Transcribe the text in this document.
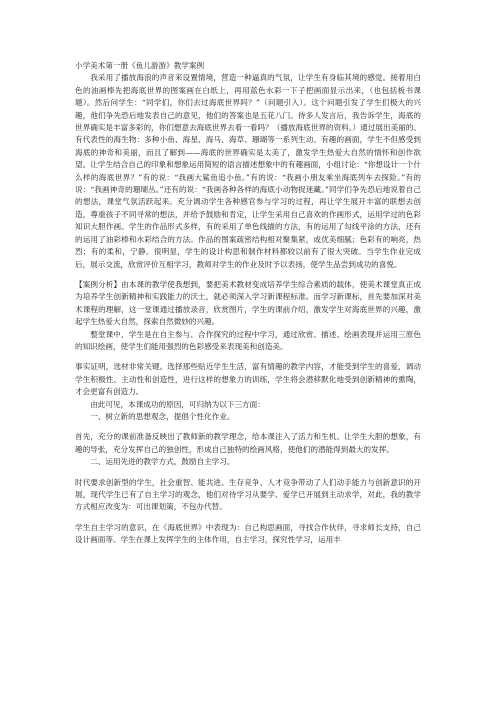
小学美术第一册《鱼儿游游》教学案例

我采用了播放海浪的声音来设置情境，营造一种逼真的气氛，让学生有身临其境的感觉。接着用白色的油画棒先把海底世界的图案画在白纸上，再用蓝色水彩一下子把画面显示出来，（也包括板书课题）。然后问学生：“同学们，你们去过海底世界吗？”（问题引入）。这个问题引发了学生们极大的兴趣，他们争先恐后地发表自己的意见，他们的答案也是五花八门。待多人发言后，我告诉学生，海底的世界确实是丰富多彩的，你们想意去海底世界去看一看吗？（播放海底世界的资料。）通过展出美丽的、有代表性的海生物：多种小鱼、海星、海马、海草、珊瑚等一系列生动、有趣的画面，学生不但感受到海底的神奇和美丽，而且了解到——海底的世界确实是太美了，激发学生热爱大自然的情怀和创作欲望。让学生结合自己的印象和想象运用简短的语言描述想象中的有趣画面，小组讨论：“你想设计一个什么样的海底世界？”有的说：“我画大鲨鱼追小鱼。”有的说：“我画小朋友乘坐海底列车去探险。”有的说：“我画神奇的珊瑚丛。”还有的说：“我画各种各样的海底小动物捉迷藏。”同学们争先恐后地说着自己的想法，课堂气氛活跃起来。充分调动学生各种感官参与学习的过程，再让学生展开丰富的联想去创造，尊重孩子不同寻常的想法，并给予鼓励和肯定，让学生采用自己喜欢的作画形式，运用学过的色彩知识大胆作画。学生的作品形式多样，有的采用了单色线描的方法，有的运用了勾线平涂的方法，还有的运用了油彩棒和水彩结合的方法。作品的图案疏密结构相对聚集紧，或优美细腻；色彩有的响亮，热烈；有的柔和，宁静。很明显，学生的设计构思和制作材料都较以前有了很大突破。当学生作业完成后，展示交流，欣赏评价互相学习，教师对学生的作业及时予以表扬，使学生品尝到成功的喜悦。

【案例分析】由本课的教学使我想到，要把美术教材变成培养学生综合素质的载体，使美术课堂真正成为培养学生创新精神和实践能力的沃土，就必须深入学习新课程标准。而学习新课标，首先要加深对美术课程的理解，这一堂课通过播放录音，欣赏图片，学生的课前介绍，激发学生对海底世界的兴趣，激起学生热爱大自然，探索自然微妙的兴趣。

整堂课中，学生是在自主参与、合作探究的过程中学习，通过欣赏、描述、绘画表现并运用三原色的知识绘画，使学生们能用强烈的色彩感受来表现美和创造美。

事实证明，选材非常关键。选择那些贴近学生生活，富有情趣的教学内容，才能受到学生的喜爱，调动学生积极性、主动性和创造性，进行这样的想象力的训练，学生将会潜移默化地受到创新精神的熏陶，才会更富有创造力。

由此可见，本课成功的原因，可归纳为以下三方面：

一、树立新的思想观念，提倡个性化作业。

首先，充分的课前准备反映出了教师新的教学理念，给本课注入了活力和生机。让学生大胆的想象，有趣的导张，充分发挥自己的独创性，形成自己独特的绘画风格，使他们的潜能得到最大的发挥。

二、运用先进的教学方式，鼓励自主学习。

时代要求创新型的学生，社会重智、能共进、生存竞争、人才竞争带动了人们动手能力与创新意识的开展，现代学生已有了自主学习的观念，他们对待学习从要学、爱学已开展到主动求学，对此，我的教学方式相应改变为：可出课划策，不包办代替。

学生自主学习的意识，在《海底世界》中表现为：自己构思画面，寻找合作伙伴，寻求师长支持，自己设计画面等。学生在课上发挥学生的主体作用，自主学习，探究性学习，运用丰
